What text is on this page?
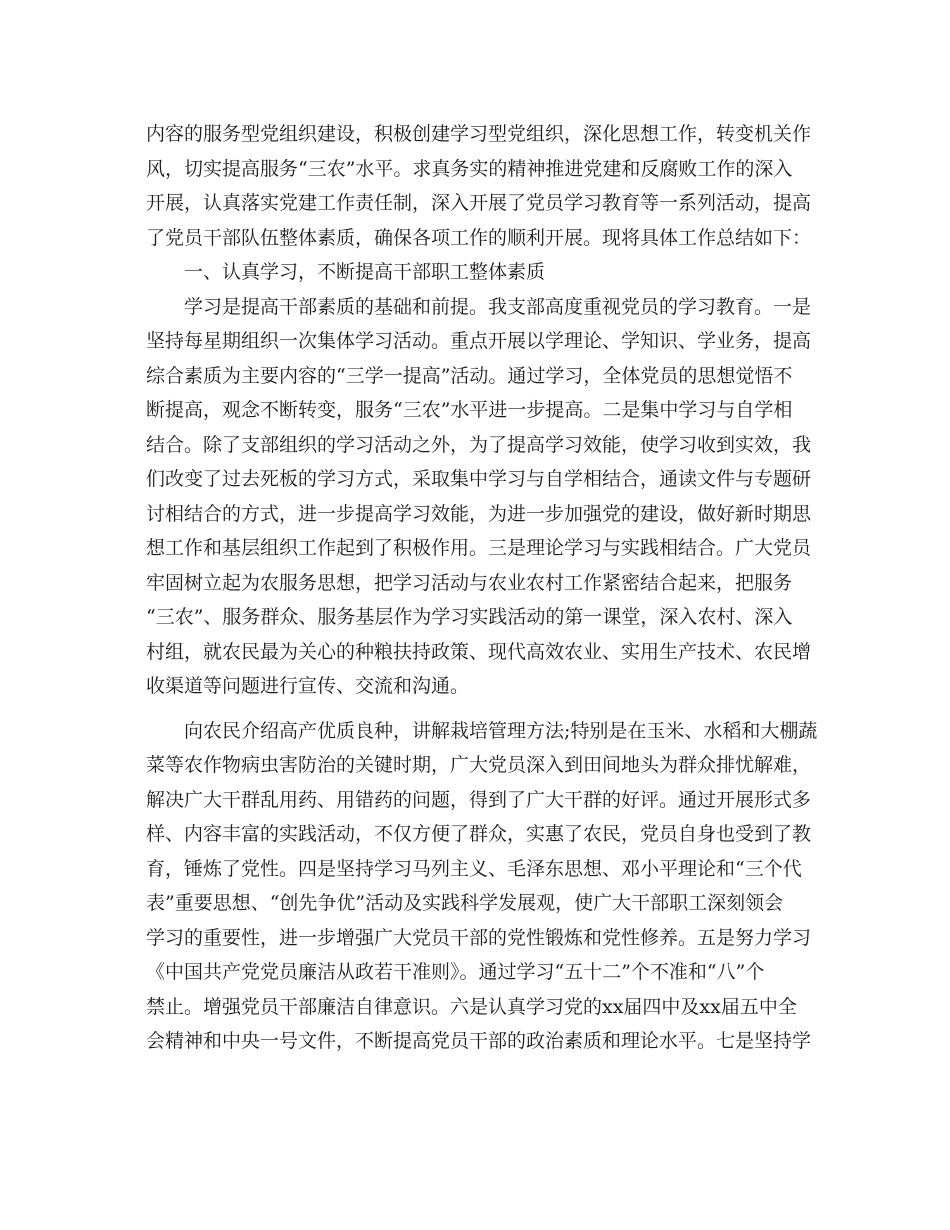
内容的服务型党组织建设，积极创建学习型党组织，深化思想工作，转变机关作
风，切实提高服务“三农”水平。求真务实的精神推进党建和反腐败工作的深入
开展，认真落实党建工作责任制，深入开展了党员学习教育等一系列活动，提高
了党员干部队伍整体素质，确保各项工作的顺利开展。现将具体工作总结如下：
　　一、认真学习，不断提高干部职工整体素质
　　学习是提高干部素质的基础和前提。我支部高度重视党员的学习教育。一是
坚持每星期组织一次集体学习活动。重点开展以学理论、学知识、学业务，提高
综合素质为主要内容的“三学一提高”活动。通过学习，全体党员的思想觉悟不
断提高，观念不断转变，服务“三农”水平进一步提高。二是集中学习与自学相
结合。除了支部组织的学习活动之外，为了提高学习效能，使学习收到实效，我
们改变了过去死板的学习方式，采取集中学习与自学相结合，通读文件与专题研
讨相结合的方式，进一步提高学习效能，为进一步加强党的建设，做好新时期思
想工作和基层组织工作起到了积极作用。三是理论学习与实践相结合。广大党员
牢固树立起为农服务思想，把学习活动与农业农村工作紧密结合起来，把服务
“三农”、服务群众、服务基层作为学习实践活动的第一课堂，深入农村、深入
村组，就农民最为关心的种粮扶持政策、现代高效农业、实用生产技术、农民增
收渠道等问题进行宣传、交流和沟通。
　　向农民介绍高产优质良种，讲解栽培管理方法;特别是在玉米、水稻和大棚蔬
菜等农作物病虫害防治的关键时期，广大党员深入到田间地头为群众排忧解难，
解决广大干群乱用药、用错药的问题，得到了广大干群的好评。通过开展形式多
样、内容丰富的实践活动，不仅方便了群众，实惠了农民，党员自身也受到了教
育，锤炼了党性。四是坚持学习马列主义、毛泽东思想、邓小平理论和“三个代
表”重要思想、“创先争优”活动及实践科学发展观，使广大干部职工深刻领会
学习的重要性，进一步增强广大党员干部的党性锻炼和党性修养。五是努力学习
《中国共产党党员廉洁从政若干准则》。通过学习“五十二”个不准和“八”个
禁止。增强党员干部廉洁自律意识。六是认真学习党的xx届四中及xx届五中全
会精神和中央一号文件，不断提高党员干部的政治素质和理论水平。七是坚持学
